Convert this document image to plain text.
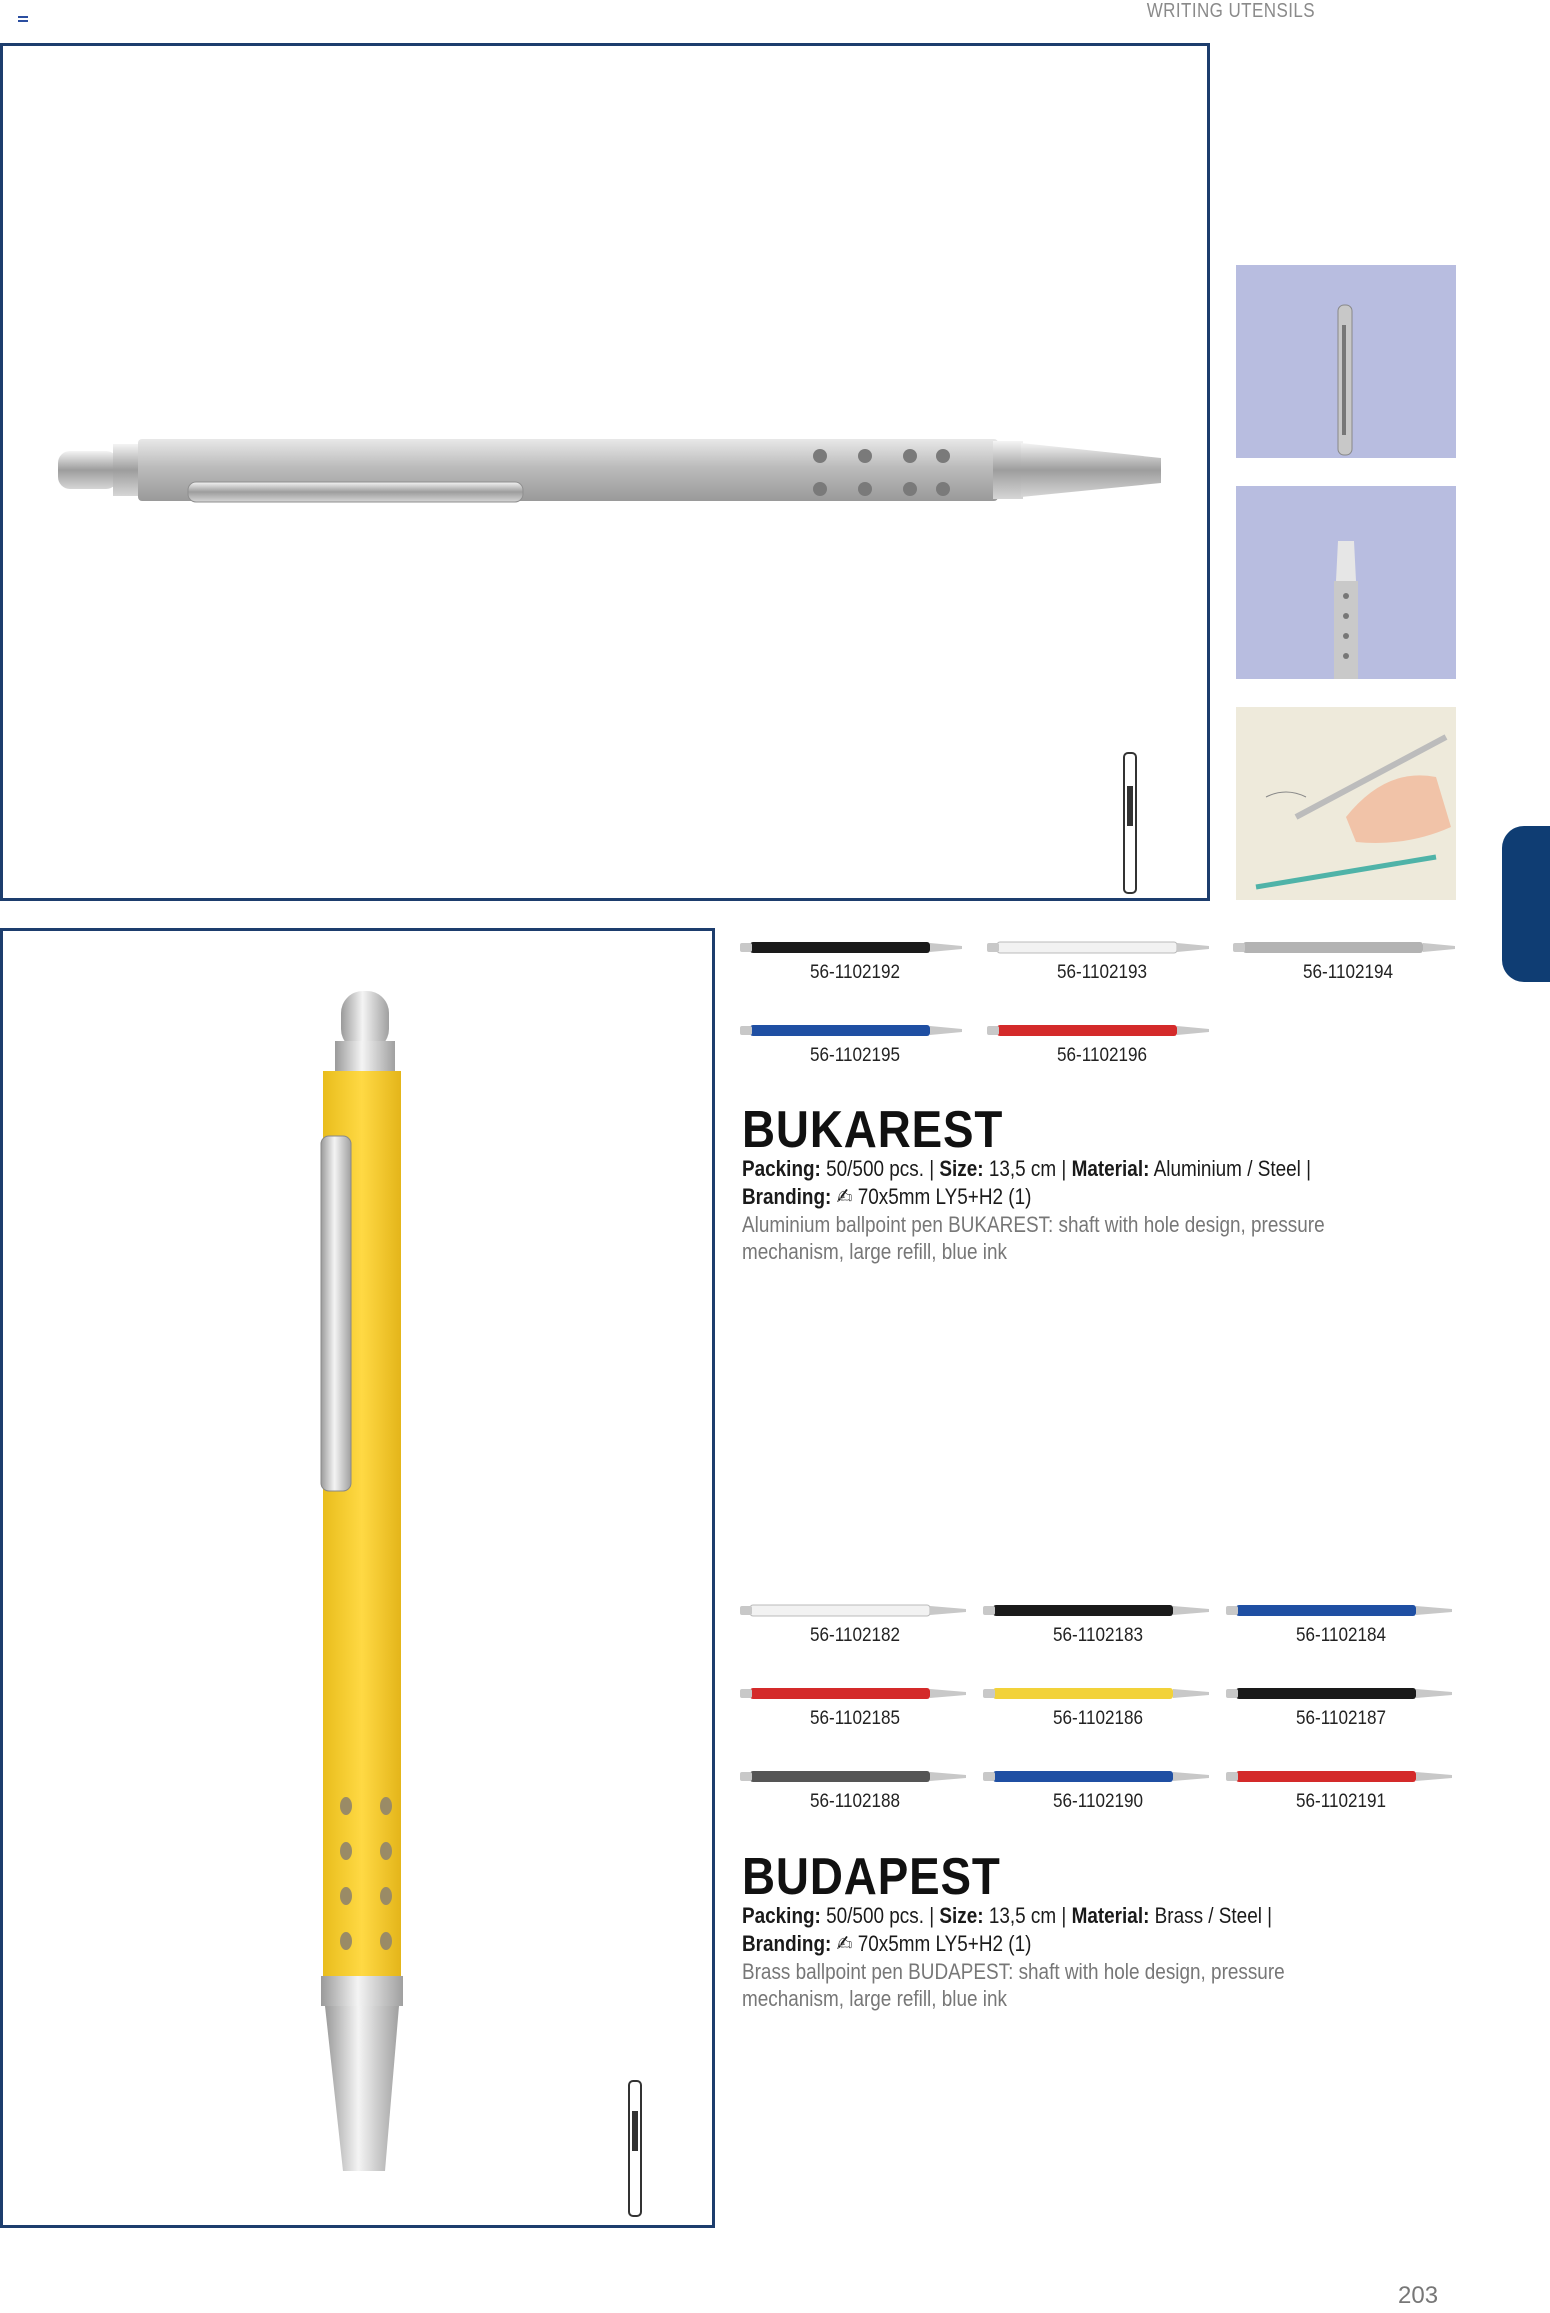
WRITING UTENSILS
56-1102192	56-1102193	56-1102194
56-1102195	56-1102196
BUKAREST
Packing: 50/500 pcs. | Size: 13,5 cm | Material: Aluminium / Steel |
Branding: ✍ 70x5mm LY5+H2 (1)
Aluminium ballpoint pen BUKAREST: shaft with hole design, pressure mechanism, large refill, blue ink
56-1102182	56-1102183	56-1102184
56-1102185	56-1102186	56-1102187
56-1102188	56-1102190	56-1102191
BUDAPEST
Packing: 50/500 pcs. | Size: 13,5 cm | Material: Brass / Steel | Branding: ✍ 70x5mm LY5+H2 (1)
Brass ballpoint pen BUDAPEST: shaft with hole design, pressure mechanism, large refill, blue ink
203
